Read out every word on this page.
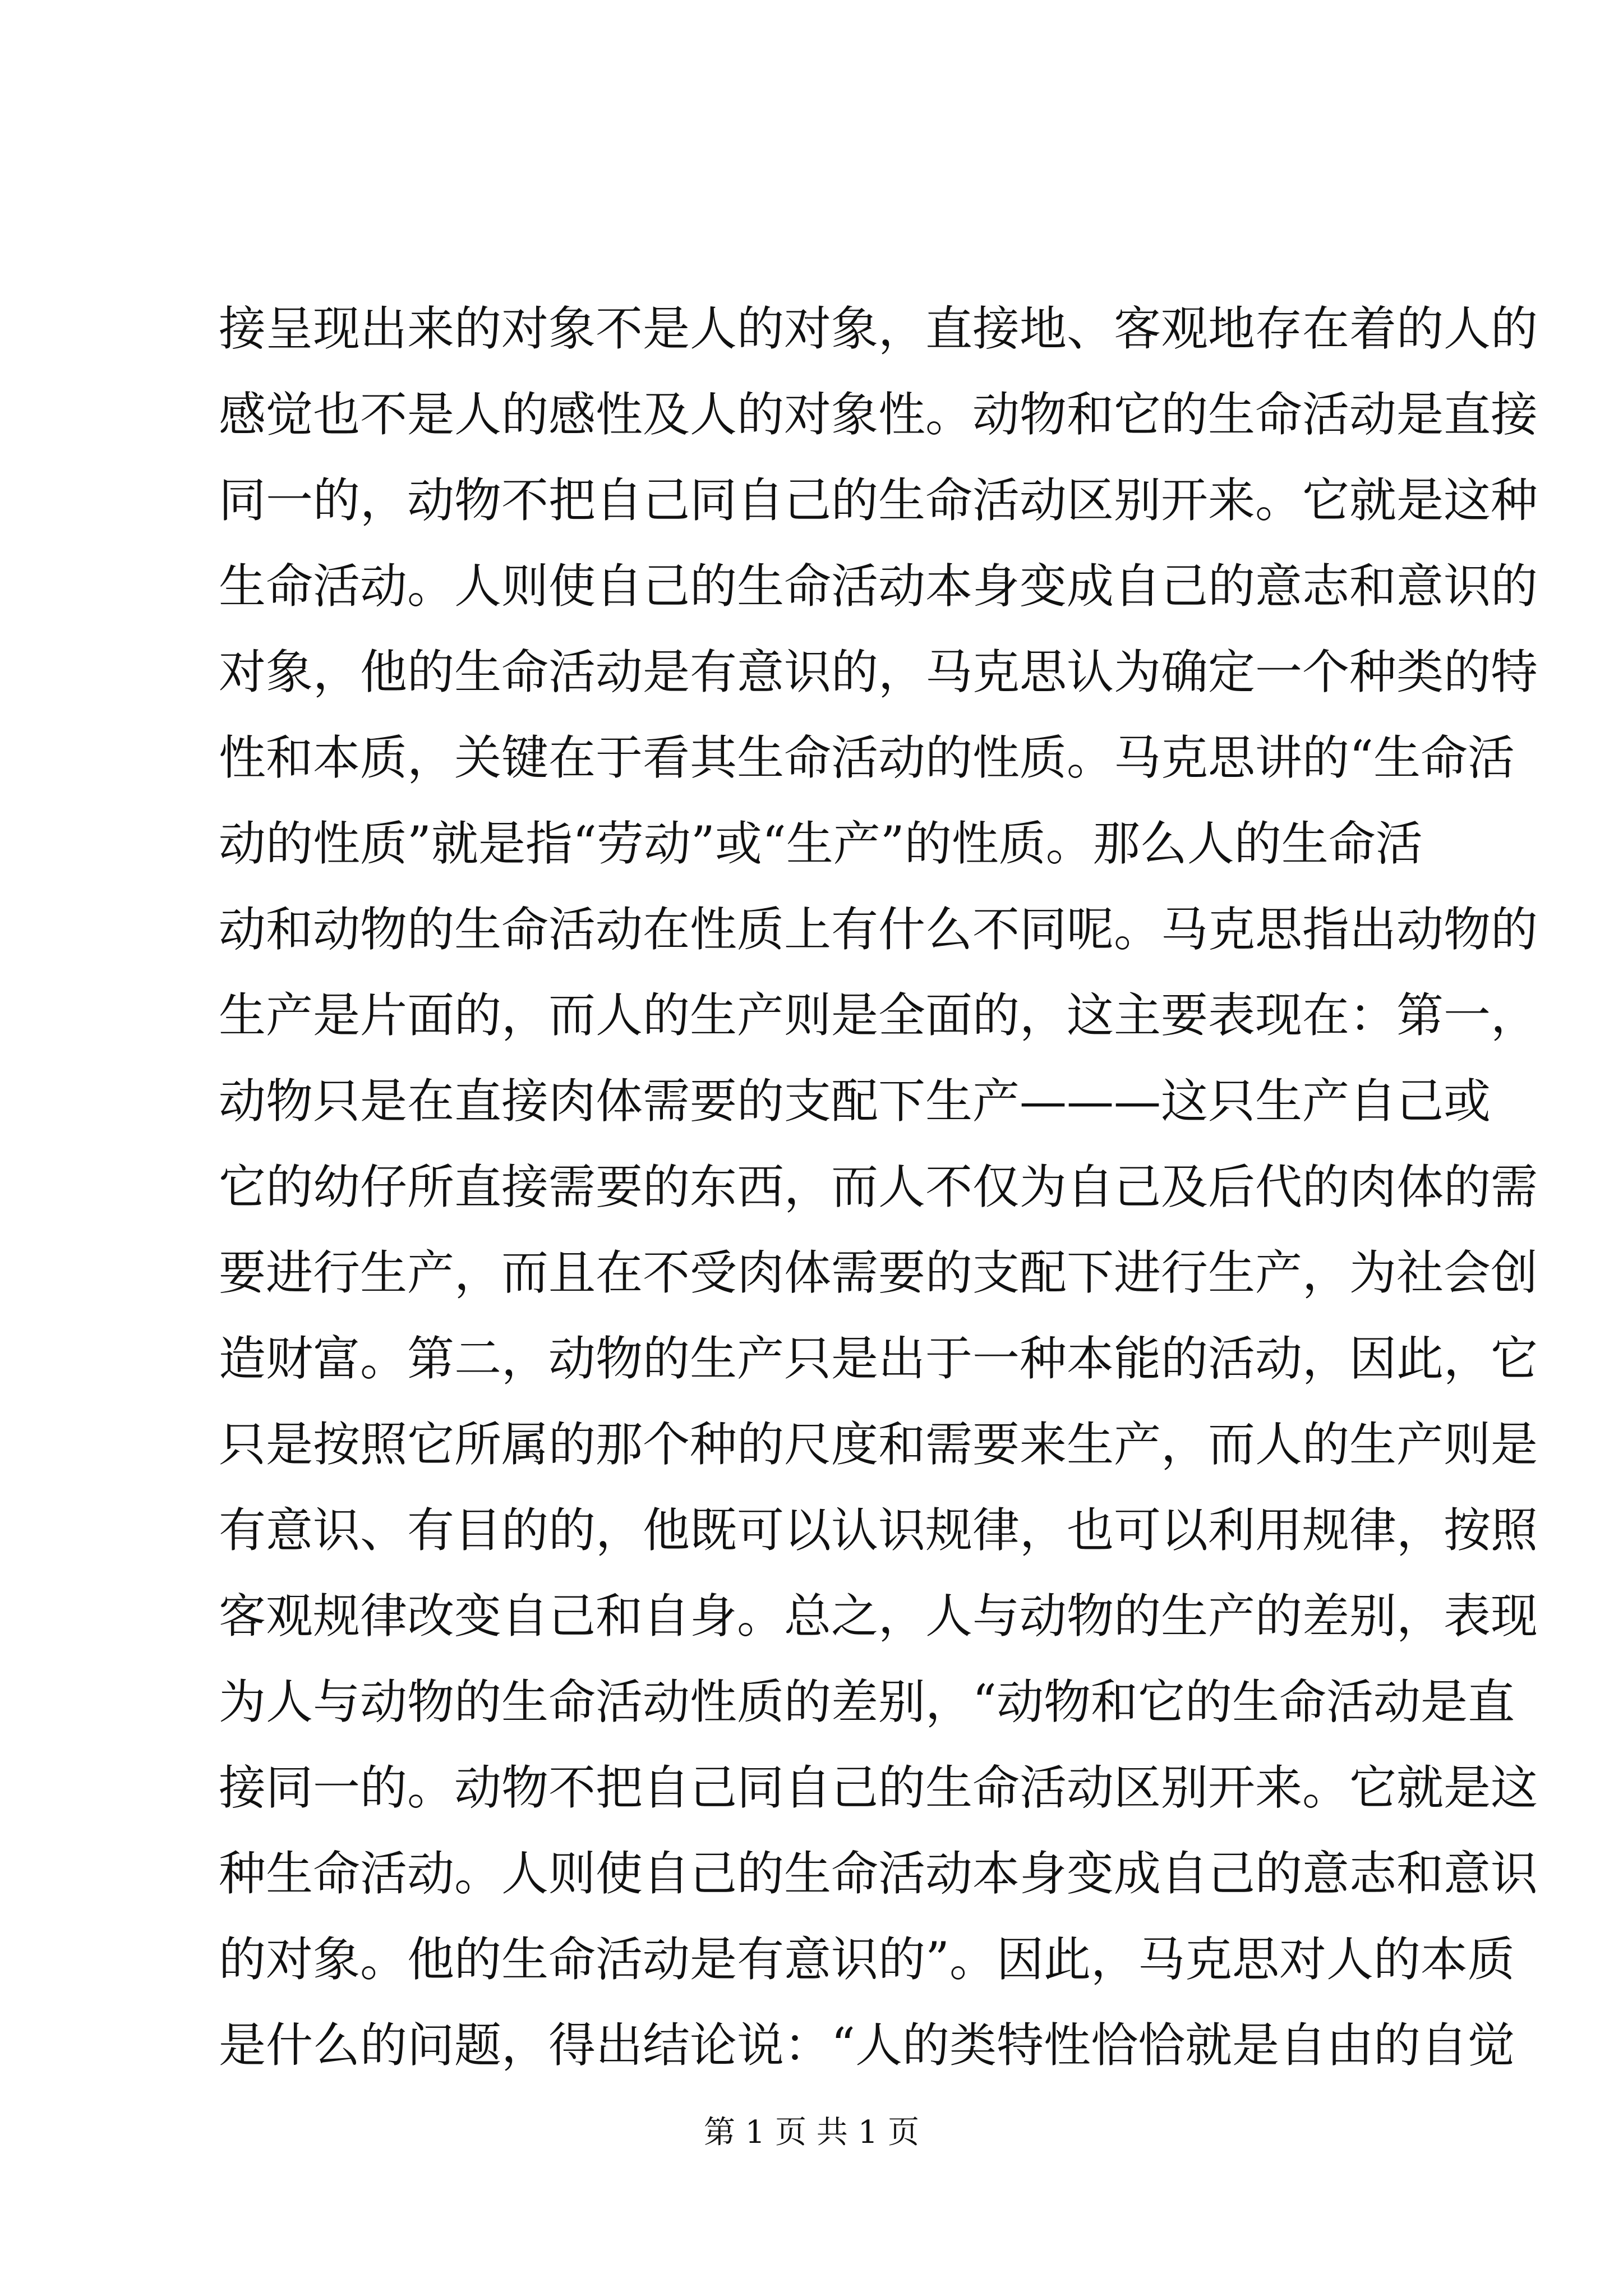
接呈现出来的对象不是人的对象，直接地、客观地存在着的人的
感觉也不是人的感性及人的对象性。动物和它的生命活动是直接
同一的，动物不把自己同自己的生命活动区别开来。它就是这种
生命活动。人则使自己的生命活动本身变成自己的意志和意识的
对象，他的生命活动是有意识的，马克思认为确定一个种类的特
性和本质，关键在于看其生命活动的性质。马克思讲的“生命活
动的性质”就是指“劳动”或“生产”的性质。那么人的生命活
动和动物的生命活动在性质上有什么不同呢。马克思指出动物的
生产是片面的，而人的生产则是全面的，这主要表现在：第一，
动物只是在直接肉体需要的支配下生产———这只生产自己或
它的幼仔所直接需要的东西，而人不仅为自己及后代的肉体的需
要进行生产，而且在不受肉体需要的支配下进行生产，为社会创
造财富。第二，动物的生产只是出于一种本能的活动，因此，它
只是按照它所属的那个种的尺度和需要来生产，而人的生产则是
有意识、有目的的，他既可以认识规律，也可以利用规律，按照
客观规律改变自己和自身。总之，人与动物的生产的差别，表现
为人与动物的生命活动性质的差别，“动物和它的生命活动是直
接同一的。动物不把自己同自己的生命活动区别开来。它就是这
种生命活动。人则使自己的生命活动本身变成自己的意志和意识
的对象。他的生命活动是有意识的”。因此，马克思对人的本质
是什么的问题，得出结论说：“人的类特性恰恰就是自由的自觉
第 1 页 共 1 页
